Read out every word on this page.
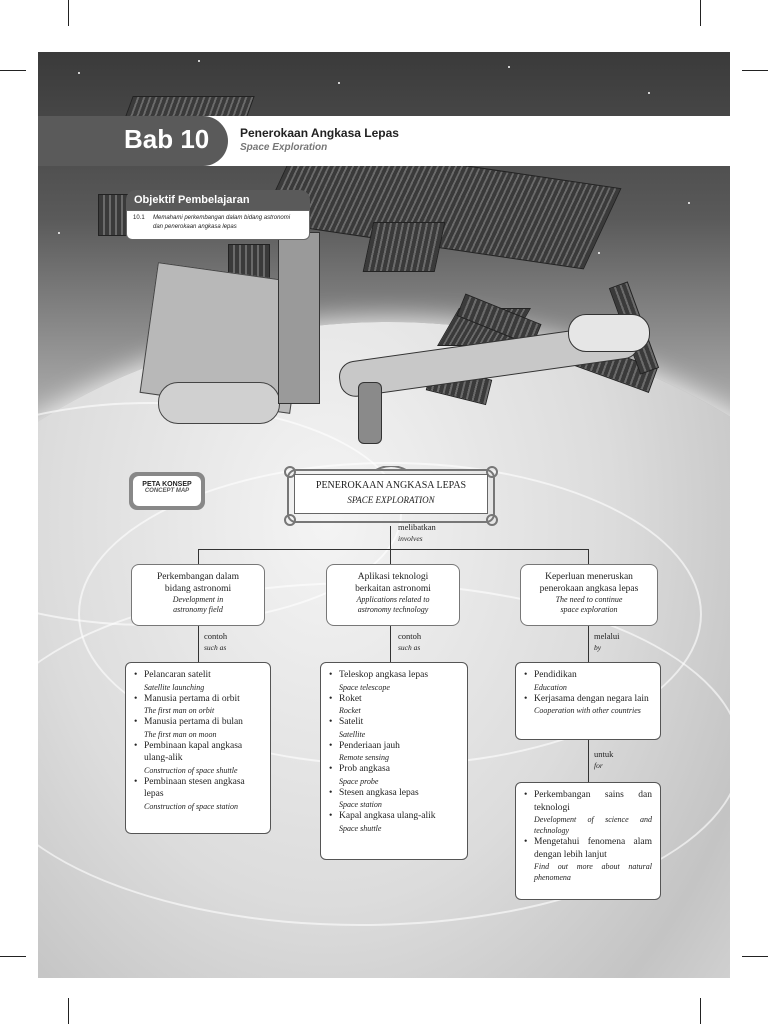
Bab 10	Penerokaan Angkasa Lepas
Space Exploration
Objektif Pembelajaran
10.1 Memahami perkembangan dalam bidang astronomi dan penerokaan angkasa lepas
PETA KONSEP
CONCEPT MAP	PENEROKAAN ANGKASA LEPAS
SPACE EXPLORATION
melibatkan
involves
Perkembangan dalam
bidang astronomi
Development in
astronomy field
Aplikasi teknologi
berkaitan astronomi
Applications related to
astronomy technology
Keperluan meneruskan
penerokaan angkasa lepas
The need to continue
space exploration
contoh
such as
contoh
such as
melalui
by
• Pelancaran satelit
Satellite launching
• Manusia pertama di orbit
The first man on orbit
• Manusia pertama di bulan
The first man on moon
• Pembinaan kapal angkasa ulang-alik
Construction of space shuttle
• Pembinaan stesen angkasa lepas
Construction of space station
• Teleskop angkasa lepas
Space telescope
• Roket
Rocket
• Satelit
Satellite
• Penderiaan jauh
Remote sensing
• Prob angkasa
Space probe
• Stesen angkasa lepas
Space station
• Kapal angkasa ulang-alik
Space shuttle
• Pendidikan
Education
• Kerjasama dengan negara lain
Cooperation with other countries
untuk
for
• Perkembangan sains dan teknologi
Development of science and technology
• Mengetahui fenomena alam dengan lebih lanjut
Find out more about natural phenomena
